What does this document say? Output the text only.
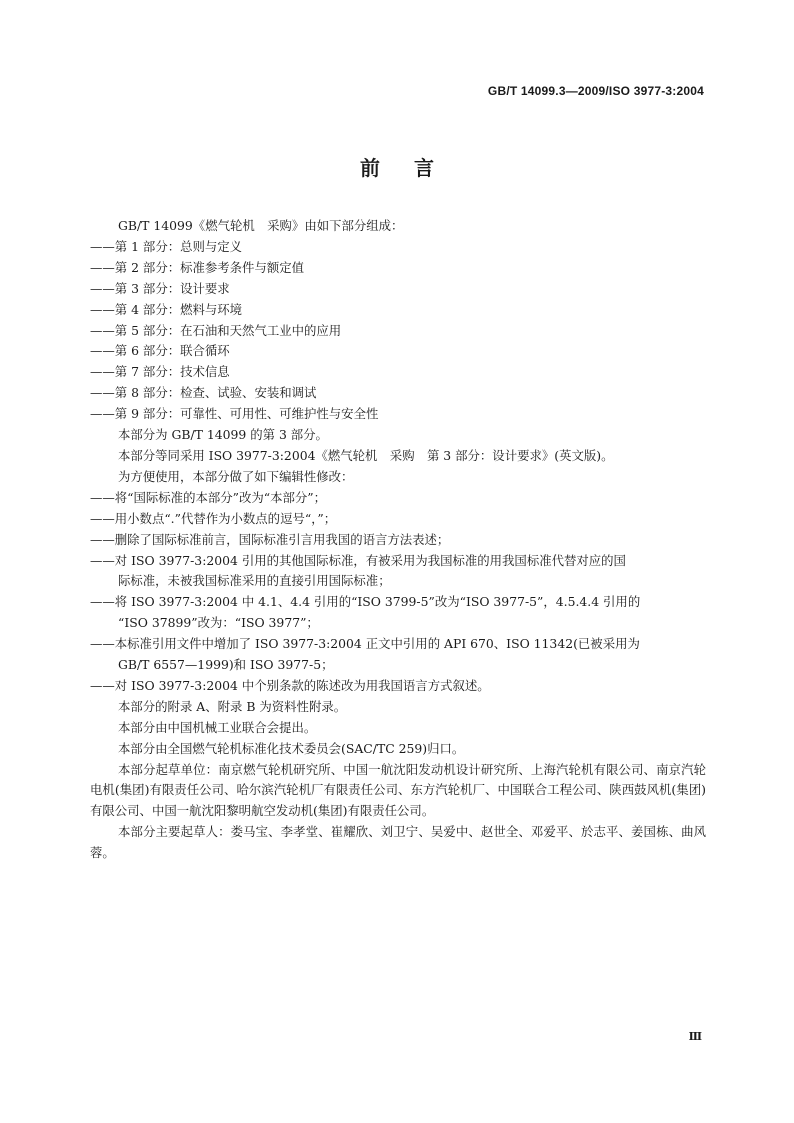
GB/T 14099.3—2009/ISO 3977-3:2004
前言
GB/T 14099《燃气轮机　采购》由如下部分组成：
——第 1 部分：总则与定义
——第 2 部分：标准参考条件与额定值
——第 3 部分：设计要求
——第 4 部分：燃料与环境
——第 5 部分：在石油和天然气工业中的应用
——第 6 部分：联合循环
——第 7 部分：技术信息
——第 8 部分：检查、试验、安装和调试
——第 9 部分：可靠性、可用性、可维护性与安全性
本部分为 GB/T 14099 的第 3 部分。
本部分等同采用 ISO 3977-3:2004《燃气轮机　采购　第 3 部分：设计要求》(英文版)。
为方便使用，本部分做了如下编辑性修改：
——将“国际标准的本部分”改为“本部分”；
——用小数点“.”代替作为小数点的逗号“，”；
——删除了国际标准前言，国际标准引言用我国的语言方法表述；
——对 ISO 3977-3:2004 引用的其他国际标准，有被采用为我国标准的用我国标准代替对应的国
际标准，未被我国标准采用的直接引用国际标准；
——将 ISO 3977-3:2004 中 4.1、4.4 引用的“ISO 3799-5”改为“ISO 3977-5”，4.5.4.4 引用的
“ISO 37899”改为：“ISO 3977”；
——本标准引用文件中增加了 ISO 3977-3:2004 正文中引用的 API 670、ISO 11342(已被采用为
GB/T 6557—1999)和 ISO 3977-5；
——对 ISO 3977-3:2004 中个别条款的陈述改为用我国语言方式叙述。
本部分的附录 A、附录 B 为资料性附录。
本部分由中国机械工业联合会提出。
本部分由全国燃气轮机标准化技术委员会(SAC/TC 259)归口。
本部分起草单位：南京燃气轮机研究所、中国一航沈阳发动机设计研究所、上海汽轮机有限公司、南京汽轮电机(集团)有限责任公司、哈尔滨汽轮机厂有限责任公司、东方汽轮机厂、中国联合工程公司、陕西鼓风机(集团)有限公司、中国一航沈阳黎明航空发动机(集团)有限责任公司。
本部分主要起草人：娄马宝、李孝堂、崔耀欣、刘卫宁、吴爱中、赵世全、邓爱平、於志平、姜国栋、曲风蓉。
Ⅲ
